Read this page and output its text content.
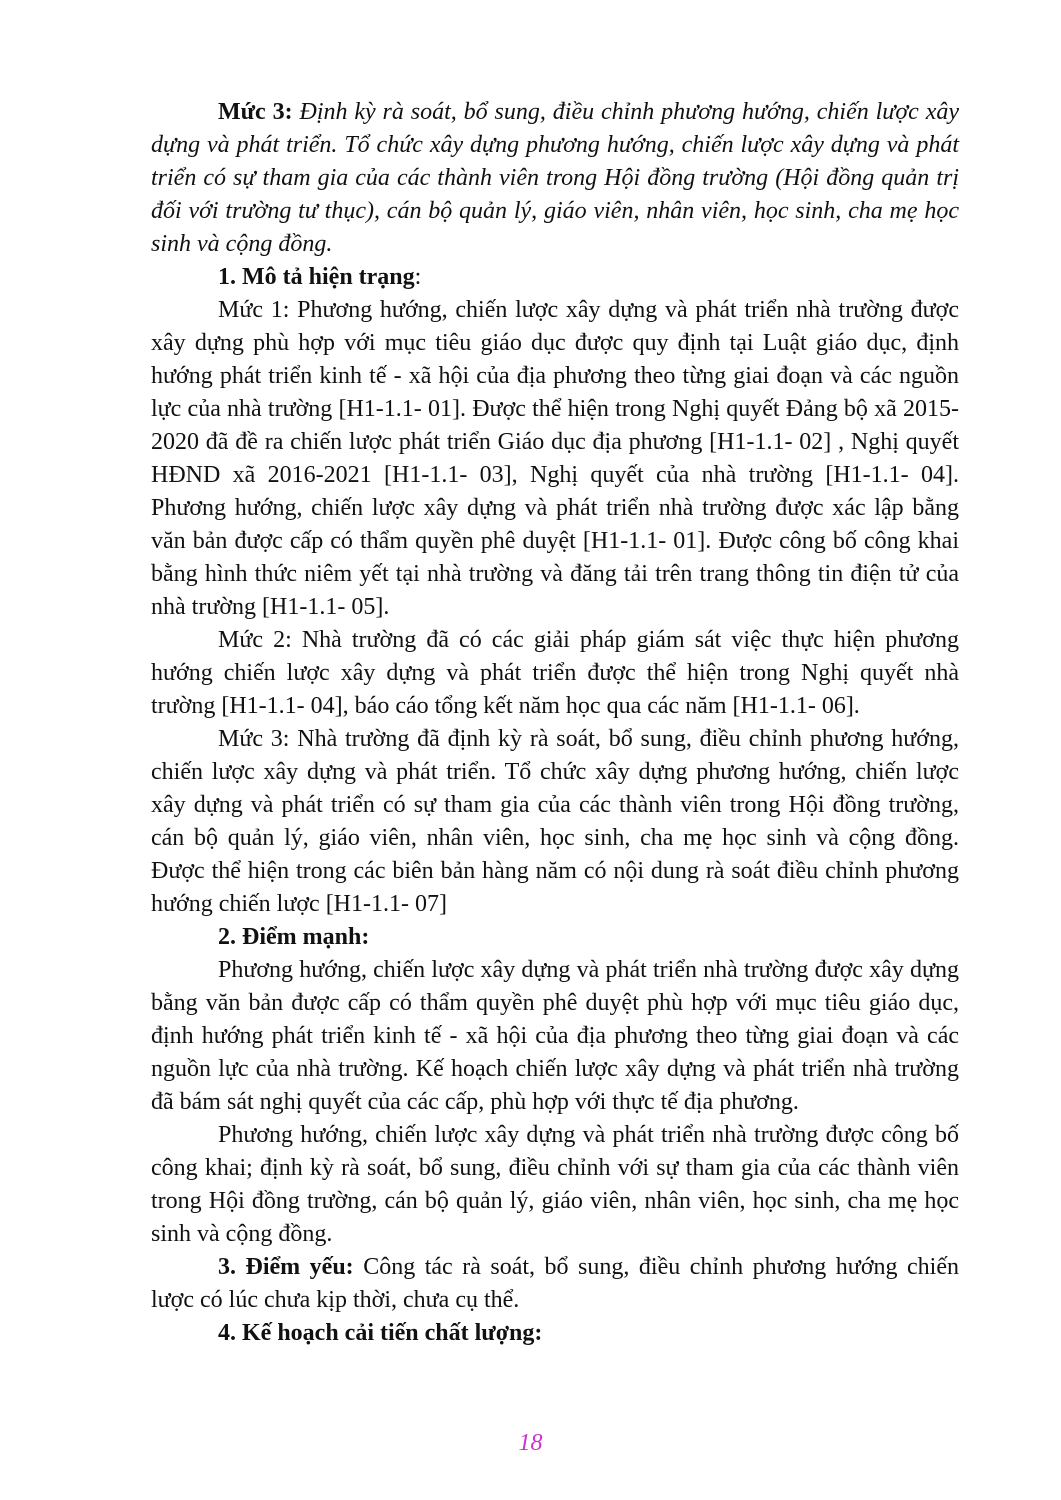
Mức 3: Định kỳ rà soát, bổ sung, điều chỉnh phương hướng, chiến lược xây dựng và phát triển. Tổ chức xây dựng phương hướng, chiến lược xây dựng và phát triển có sự tham gia của các thành viên trong Hội đồng trường (Hội đồng quản trị đối với trường tư thục), cán bộ quản lý, giáo viên, nhân viên, học sinh, cha mẹ học sinh và cộng đồng.

1. Mô tả hiện trạng:

Mức 1: Phương hướng, chiến lược xây dựng và phát triển nhà trường được xây dựng phù hợp với mục tiêu giáo dục được quy định tại Luật giáo dục, định hướng phát triển kinh tế - xã hội của địa phương theo từng giai đoạn và các nguồn lực của nhà trường [H1-1.1- 01]. Được thể hiện trong Nghị quyết Đảng bộ xã 2015-2020 đã đề ra chiến lược phát triển Giáo dục địa phương [H1-1.1- 02] , Nghị quyết HĐND xã 2016-2021 [H1-1.1- 03], Nghị quyết của nhà trường [H1-1.1- 04]. Phương hướng, chiến lược xây dựng và phát triển nhà trường được xác lập bằng văn bản được cấp có thẩm quyền phê duyệt [H1-1.1- 01]. Được công bố công khai bằng hình thức niêm yết tại nhà trường và đăng tải trên trang thông tin điện tử của nhà trường [H1-1.1- 05].

Mức 2: Nhà trường đã có các giải pháp giám sát việc thực hiện phương hướng chiến lược xây dựng và phát triển được thể hiện trong Nghị quyết nhà trường [H1-1.1- 04], báo cáo tổng kết năm học qua các năm [H1-1.1- 06].

Mức 3: Nhà trường đã định kỳ rà soát, bổ sung, điều chỉnh phương hướng, chiến lược xây dựng và phát triển. Tổ chức xây dựng phương hướng, chiến lược xây dựng và phát triển có sự tham gia của các thành viên trong Hội đồng trường, cán bộ quản lý, giáo viên, nhân viên, học sinh, cha mẹ học sinh và cộng đồng. Được thể hiện trong các biên bản hàng năm có nội dung rà soát điều chỉnh phương hướng chiến lược [H1-1.1- 07]

2. Điểm mạnh:

Phương hướng, chiến lược xây dựng và phát triển nhà trường được xây dựng bằng văn bản được cấp có thẩm quyền phê duyệt phù hợp với mục tiêu giáo dục, định hướng phát triển kinh tế - xã hội của địa phương theo từng giai đoạn và các nguồn lực của nhà trường. Kế hoạch chiến lược xây dựng và phát triển nhà trường đã bám sát nghị quyết của các cấp, phù hợp với thực tế địa phương.

Phương hướng, chiến lược xây dựng và phát triển nhà trường được công bố công khai; định kỳ rà soát, bổ sung, điều chỉnh với sự tham gia của các thành viên trong Hội đồng trường, cán bộ quản lý, giáo viên, nhân viên, học sinh, cha mẹ học sinh và cộng đồng.

3. Điểm yếu: Công tác rà soát, bổ sung, điều chỉnh phương hướng chiến lược có lúc chưa kịp thời, chưa cụ thể.

4. Kế hoạch cải tiến chất lượng:

18
